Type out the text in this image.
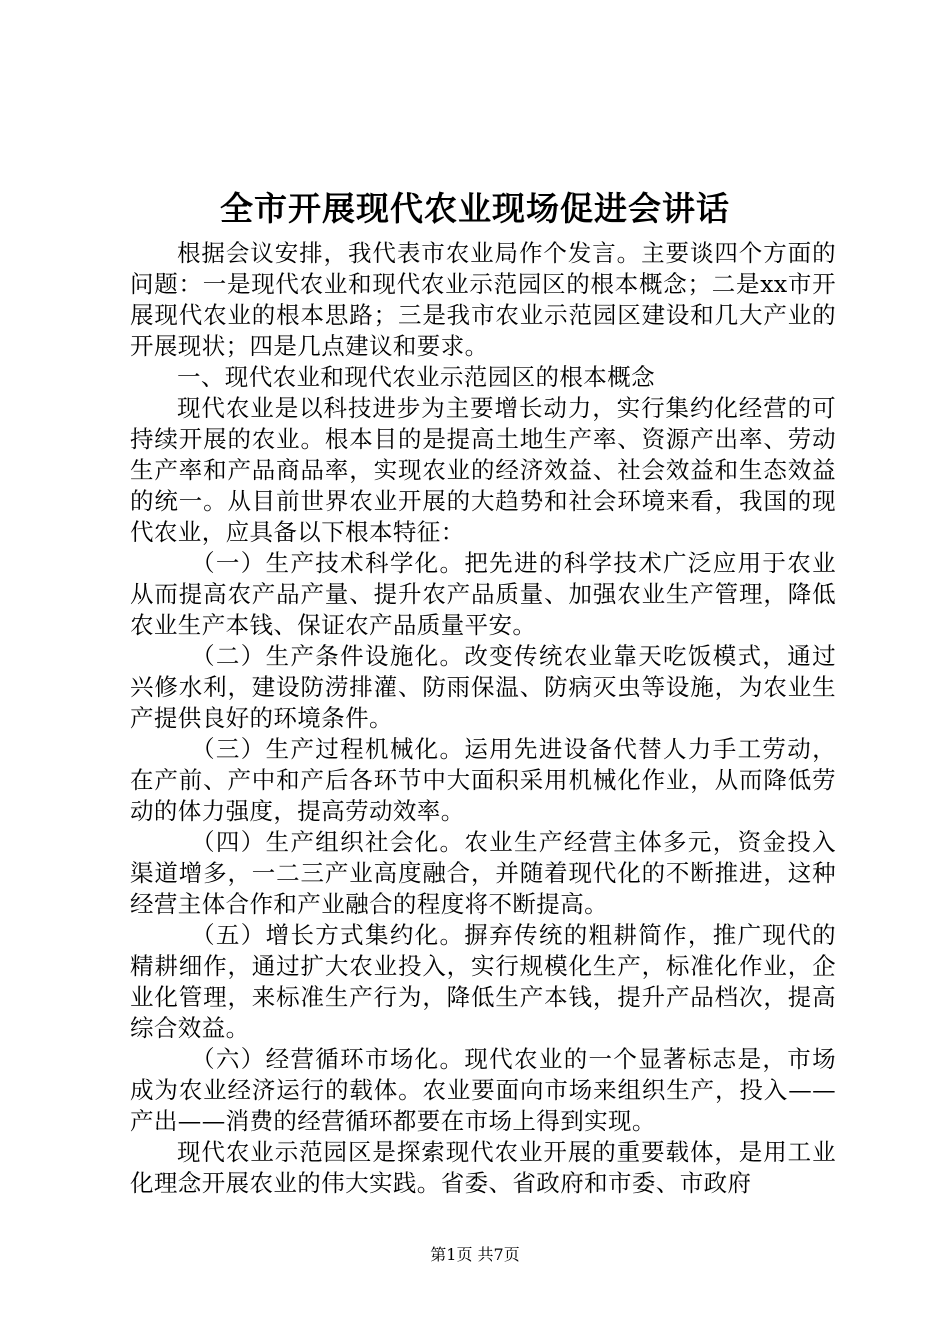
全市开展现代农业现场促进会讲话

根据会议安排，我代表市农业局作个发言。主要谈四个方面的问题：一是现代农业和现代农业示范园区的根本概念；二是xx市开展现代农业的根本思路；三是我市农业示范园区建设和几大产业的开展现状；四是几点建议和要求。

一、现代农业和现代农业示范园区的根本概念

现代农业是以科技进步为主要增长动力，实行集约化经营的可持续开展的农业。根本目的是提高土地生产率、资源产出率、劳动生产率和产品商品率，实现农业的经济效益、社会效益和生态效益的统一。从目前世界农业开展的大趋势和社会环境来看，我国的现代农业，应具备以下根本特征：

（一）生产技术科学化。把先进的科学技术广泛应用于农业从而提高农产品产量、提升农产品质量、加强农业生产管理，降低农业生产本钱、保证农产品质量平安。

（二）生产条件设施化。改变传统农业靠天吃饭模式，通过兴修水利，建设防涝排灌、防雨保温、防病灭虫等设施，为农业生产提供良好的环境条件。

（三）生产过程机械化。运用先进设备代替人力手工劳动，在产前、产中和产后各环节中大面积采用机械化作业，从而降低劳动的体力强度，提高劳动效率。

（四）生产组织社会化。农业生产经营主体多元，资金投入渠道增多，一二三产业高度融合，并随着现代化的不断推进，这种经营主体合作和产业融合的程度将不断提高。

（五）增长方式集约化。摒弃传统的粗耕简作，推广现代的精耕细作，通过扩大农业投入，实行规模化生产，标准化作业，企业化管理，来标准生产行为，降低生产本钱，提升产品档次，提高综合效益。

（六）经营循环市场化。现代农业的一个显著标志是，市场成为农业经济运行的载体。农业要面向市场来组织生产，投入——产出——消费的经营循环都要在市场上得到实现。

现代农业示范园区是探索现代农业开展的重要载体，是用工业化理念开展农业的伟大实践。省委、省政府和市委、市政府

第1页 共7页
